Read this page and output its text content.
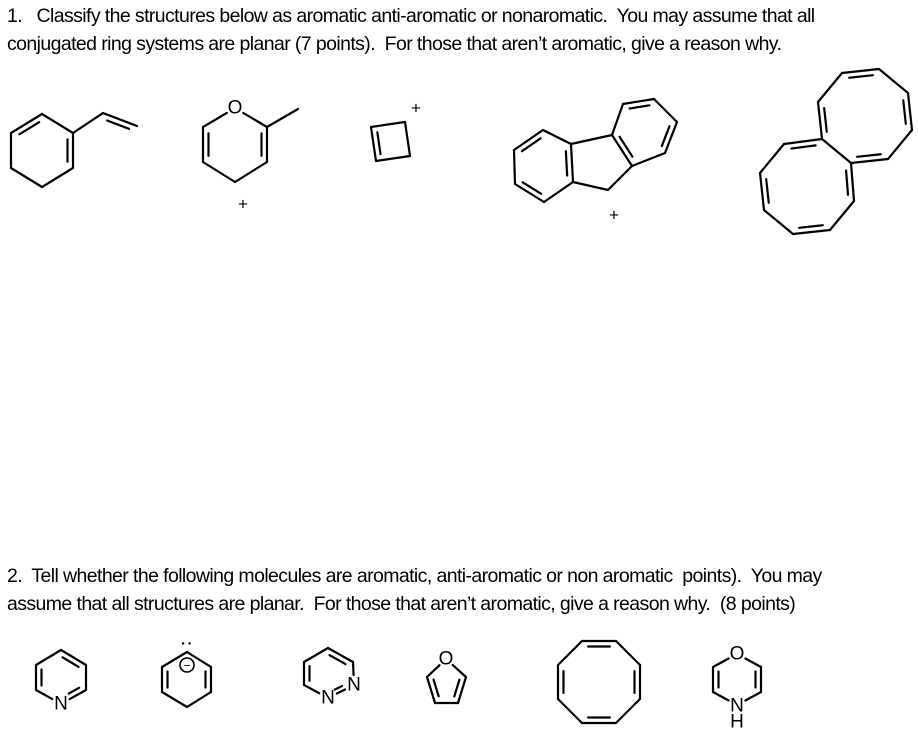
1.   Classify the structures below as aromatic anti-aromatic or nonaromatic.  You may assume that all
conjugated ring systems are planar (7 points).  For those that aren’t aromatic, give a reason why.
2.  Tell whether the following molecules are aromatic, anti-aromatic or non aromatic  points).  You may
assume that all structures are planar.  For those that aren’t aromatic, give a reason why.  (8 points)
O
+
+
+
N
−
··
N
N
O	O
N
H
